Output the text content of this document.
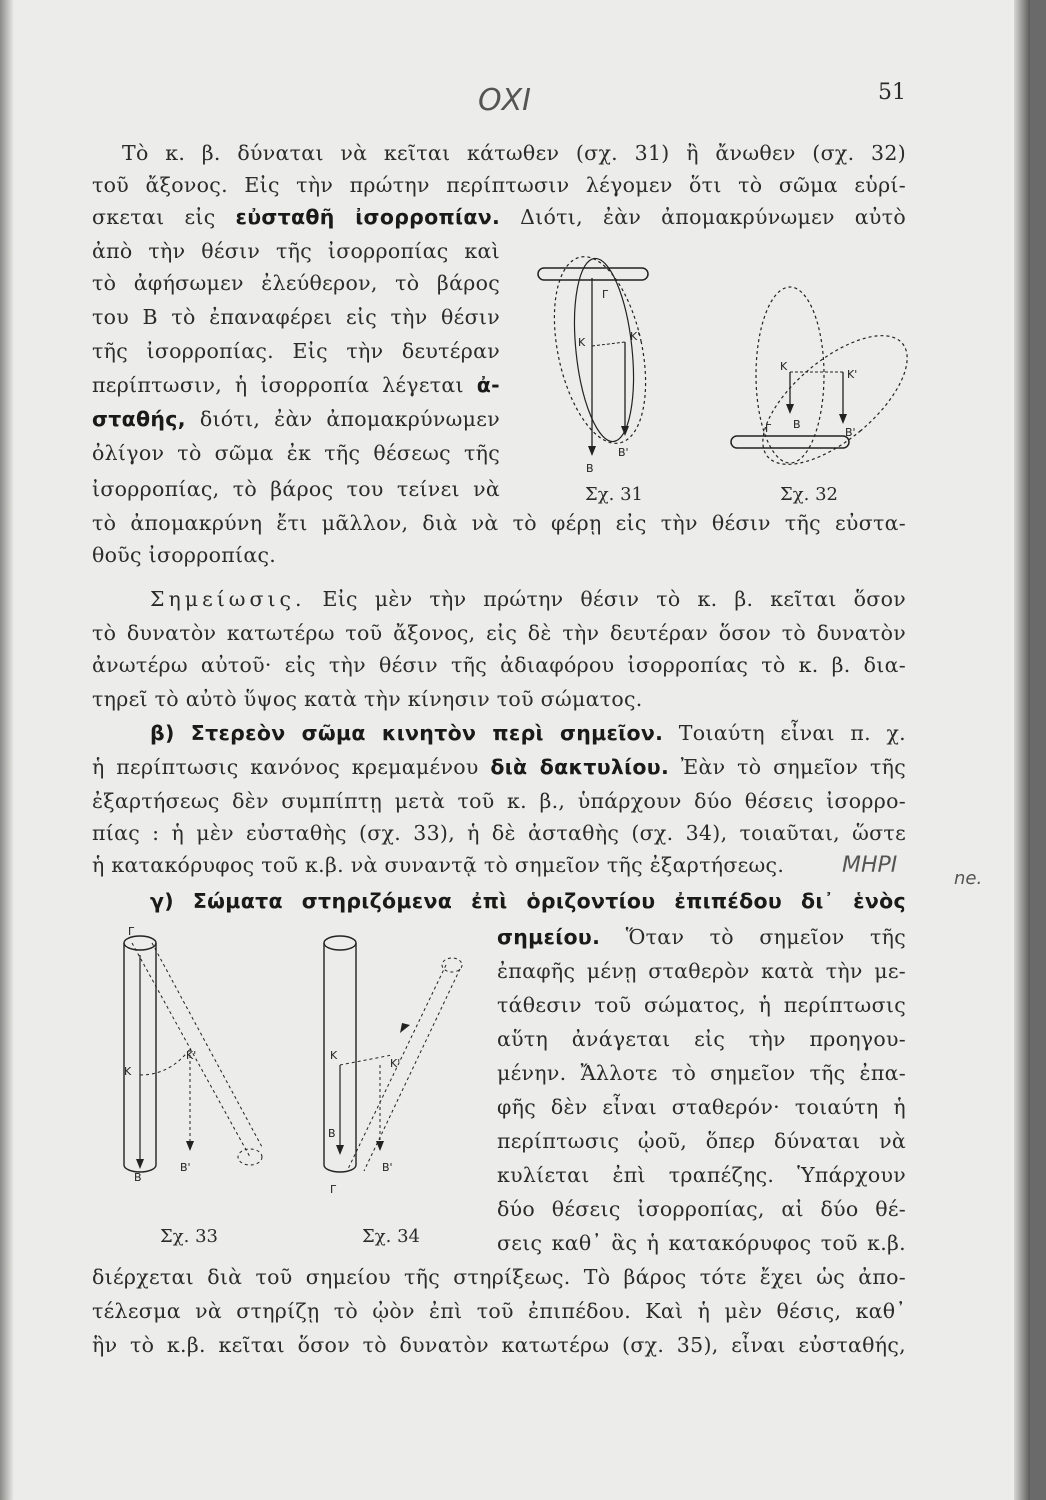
51
ΟΧΙ
Τὸ κ. β. δύναται νὰ κεῖται κάτωθεν (σχ. 31) ἢ ἄνωθεν (σχ. 32)
τοῦ ἄξονος. Εἰς τὴν πρώτην περίπτωσιν λέγομεν ὅτι τὸ σῶμα εὑρί-
σκεται εἰς εὐσταθῆ ἰσορροπίαν. Διότι, ἐὰν ἀπομακρύνωμεν αὐτὸ
ἀπὸ τὴν θέσιν τῆς ἰσορροπίας καὶ
τὸ ἀφήσωμεν ἐλεύθερον, τὸ βάρος
του Β τὸ ἐπαναφέρει εἰς τὴν θέσιν
τῆς ἰσορροπίας. Εἰς τὴν δευτέραν
περίπτωσιν, ἡ ἰσορροπία λέγεται ἀ-
σταθής, διότι, ἐὰν ἀπομακρύνωμεν
ὀλίγον τὸ σῶμα ἐκ τῆς θέσεως τῆς
ἰσορροπίας, τὸ βάρος του τείνει νὰ
τὸ ἀπομακρύνη ἔτι μᾶλλον, διὰ νὰ τὸ φέρῃ εἰς τὴν θέσιν τῆς εὐστα-
θοῦς ἰσορροπίας.
Γ
Κ	Κ'
Β
Β'
Κ
Κ'
Γ Β
Β'
Σχ. 31	Σχ. 32
Σημείωσις. Εἰς μὲν τὴν πρώτην θέσιν τὸ κ. β. κεῖται ὅσον
τὸ δυνατὸν κατωτέρω τοῦ ἄξονος, εἰς δὲ τὴν δευτέραν ὅσον τὸ δυνατὸν
ἀνωτέρω αὐτοῦ· εἰς τὴν θέσιν τῆς ἀδιαφόρου ἰσορροπίας τὸ κ. β. δια-
τηρεῖ τὸ αὐτὸ ὕψος κατὰ τὴν κίνησιν τοῦ σώματος.
β) Στερεὸν σῶμα κινητὸν περὶ σημεῖον. Τοιαύτη εἶναι π. χ.
ἡ περίπτωσις κανόνος κρεμαμένου διὰ δακτυλίου. Ἐὰν τὸ σημεῖον τῆς
ἐξαρτήσεως δὲν συμπίπτῃ μετὰ τοῦ κ. β., ὑπάρχουν δύο θέσεις ἰσορρο-
πίας : ἡ μὲν εὐσταθὴς (σχ. 33), ἡ δὲ ἀσταθὴς (σχ. 34), τοιαῦται, ὥστε
ἡ κατακόρυφος τοῦ κ.β. νὰ συναντᾷ τὸ σημεῖον τῆς ἐξαρτήσεως.	ΜΗΡΙ
ne.
γ) Σώματα στηριζόμενα ἐπὶ ὁριζοντίου ἐπιπέδου δι᾽ ἑνὸς
σημείου. Ὅταν τὸ σημεῖον τῆς
ἐπαφῆς μένῃ σταθερὸν κατὰ τὴν με-
τάθεσιν τοῦ σώματος, ἡ περίπτωσις
αὕτη ἀνάγεται εἰς τὴν προηγου-
μένην. Ἄλλοτε τὸ σημεῖον τῆς ἐπα-
φῆς δὲν εἶναι σταθερόν· τοιαύτη ἡ
περίπτωσις ᾠοῦ, ὅπερ δύναται νὰ
κυλίεται ἐπὶ τραπέζης. Ὑπάρχουν
δύο θέσεις ἰσορροπίας, αἱ δύο θέ-
σεις καθ᾽ ἃς ἡ κατακόρυφος τοῦ κ.β.
διέρχεται διὰ τοῦ σημείου τῆς στηρίξεως. Τὸ βάρος τότε ἔχει ὡς ἀπο-
τέλεσμα νὰ στηρίζῃ τὸ ᾠὸν ἐπὶ τοῦ ἐπιπέδου. Καὶ ἡ μὲν θέσις, καθ᾽
ἣν τὸ κ.β. κεῖται ὅσον τὸ δυνατὸν κατωτέρω (σχ. 35), εἶναι εὐσταθής,
Γ
Κ
Κ'
Β
Β'
Κ
Κ'
Β
Β'
Γ
Σχ. 33	Σχ. 34
